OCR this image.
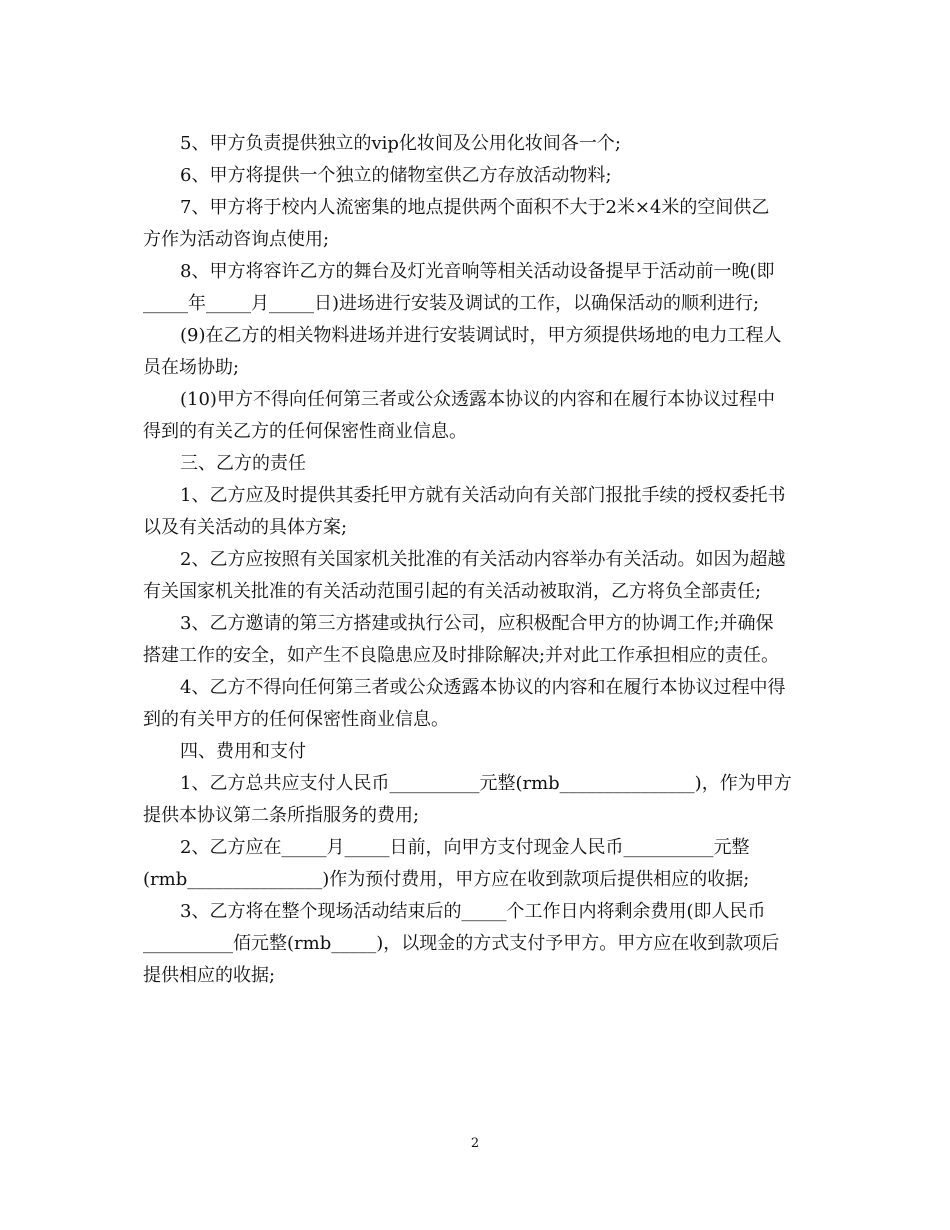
5、甲方负责提供独立的vip化妆间及公用化妆间各一个;
6、甲方将提供一个独立的储物室供乙方存放活动物料;
7、甲方将于校内人流密集的地点提供两个面积不大于2米×4米的空间供乙
方作为活动咨询点使用;
8、甲方将容许乙方的舞台及灯光音响等相关活动设备提早于活动前一晚(即
_____年_____月_____日)进场进行安装及调试的工作，以确保活动的顺利进行;
(9)在乙方的相关物料进场并进行安装调试时，甲方须提供场地的电力工程人
员在场协助;
(10)甲方不得向任何第三者或公众透露本协议的内容和在履行本协议过程中
得到的有关乙方的任何保密性商业信息。
三、乙方的责任
1、乙方应及时提供其委托甲方就有关活动向有关部门报批手续的授权委托书
以及有关活动的具体方案;
2、乙方应按照有关国家机关批准的有关活动内容举办有关活动。如因为超越
有关国家机关批准的有关活动范围引起的有关活动被取消，乙方将负全部责任;
3、乙方邀请的第三方搭建或执行公司，应积极配合甲方的协调工作;并确保
搭建工作的安全，如产生不良隐患应及时排除解决;并对此工作承担相应的责任。
4、乙方不得向任何第三者或公众透露本协议的内容和在履行本协议过程中得
到的有关甲方的任何保密性商业信息。
四、费用和支付
1、乙方总共应支付人民币__________元整(rmb_______________)，作为甲方
提供本协议第二条所指服务的费用;
2、乙方应在_____月_____日前，向甲方支付现金人民币__________元整
(rmb_______________)作为预付费用，甲方应在收到款项后提供相应的收据;
3、乙方将在整个现场活动结束后的_____个工作日内将剩余费用(即人民币
__________佰元整(rmb_____)，以现金的方式支付予甲方。甲方应在收到款项后
提供相应的收据;
2
